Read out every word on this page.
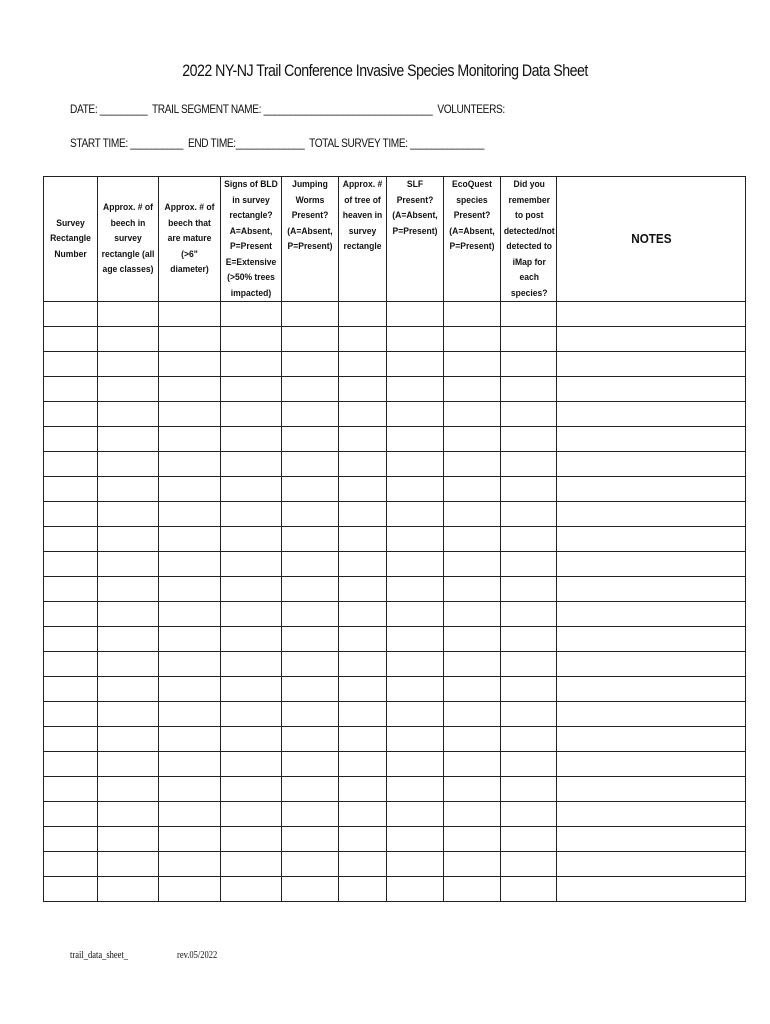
2022 NY-NJ Trail Conference Invasive Species Monitoring Data Sheet
DATE: _________  TRAIL SEGMENT NAME: ________________________________  VOLUNTEERS:
START TIME: __________  END TIME:_____________  TOTAL SURVEY TIME: ______________
Survey Rectangle Number	Approx. # of beech in survey rectangle (all age classes)	Approx. # of beech that are mature (>6" diameter)	Signs of BLD in survey rectangle? A=Absent, P=Present E=Extensive (>50% trees impacted)	Jumping Worms Present? (A=Absent, P=Present)	Approx. # of tree of heaven in survey rectangle	SLF Present? (A=Absent, P=Present)	EcoQuest species Present? (A=Absent, P=Present)	Did you remember to post detected/not detected to iMap for each species?	NOTES

trail_data_sheet_	rev.05/2022
